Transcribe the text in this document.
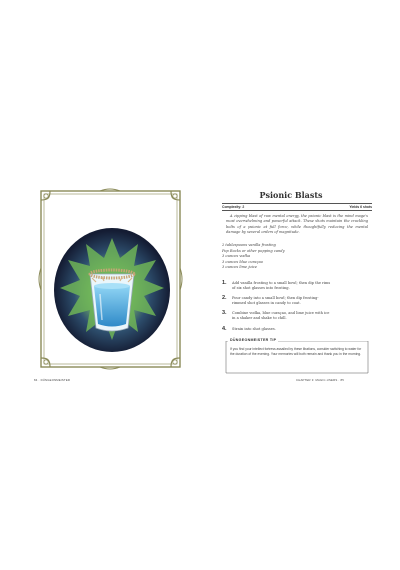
84 · DÜNGEONMEISTER
Psionic Blasts
Complexity: 2	Yields 6 shots
A zipping blast of raw mental energy, the psionic blast is the mind mage's most overwhelming and powerful attack. These shots maintain the crackling bolts of a psionic at full force, while thoughtfully reducing the mental damage by several orders of magnitude.
2 tablespoons vanilla frosting
Pop Rocks or other popping candy
3 ounces vodka
3 ounces blue curaçao
3 ounces lime juice
1. Add vanilla frosting to a small bowl; then dip the rims of six shot glasses into frosting.
2. Pour candy into a small bowl; then dip frosting-rimmed shot glasses in candy to coat.
3. Combine vodka, blue curaçao, and lime juice with ice in a shaker and shake to chill.
4. Strain into shot glasses.
DÜNGEONMEISTER TIP
If you find your intellect fortress assailed by these libations, consider switching to water for the duration of the evening. Your memories will both remain and thank you in the morning.
CHAPTER 3: MAGIC-USERS · 85
